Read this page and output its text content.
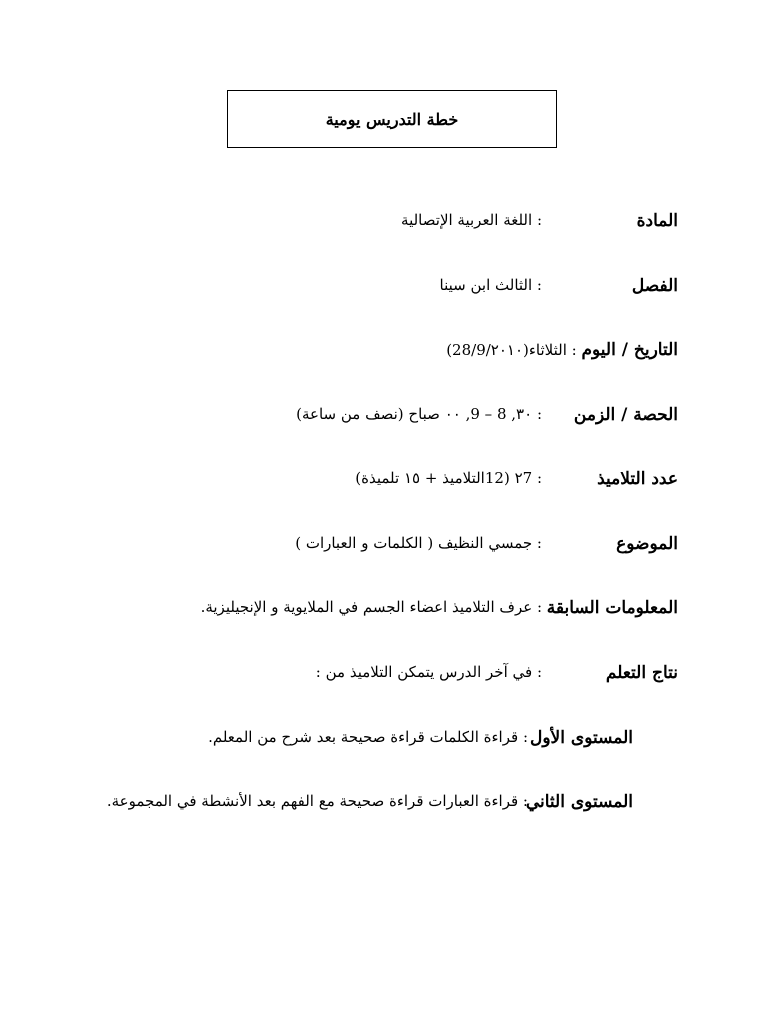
خطة التدريس يومية
المادة
: اللغة العربية الإتصالية
الفصل
: الثالث ابن سينا
التاريخ / اليوم : الثلاثاء(28/9/٢٠١٠)
الحصة / الزمن
: ٣٠, 8 – 9, ٠٠ صباح (نصف من ساعة)
عدد التلاميذ
: ٢7 (12التلاميذ + ١٥ تلميذة)
الموضوع
: جمسي النظيف ( الكلمات و العبارات )
المعلومات السابقة
: عرف التلاميذ اعضاء الجسم في الملايوية و الإنجيليزية.
نتاج التعلم
: في آخر الدرس يتمكن التلاميذ من :
المستوى الأول
: قراءة الكلمات قراءة صحيحة بعد شرح من المعلم.
المستوى الثاني
: قراءة العبارات قراءة صحيحة مع الفهم بعد الأنشطة في المجموعة.
